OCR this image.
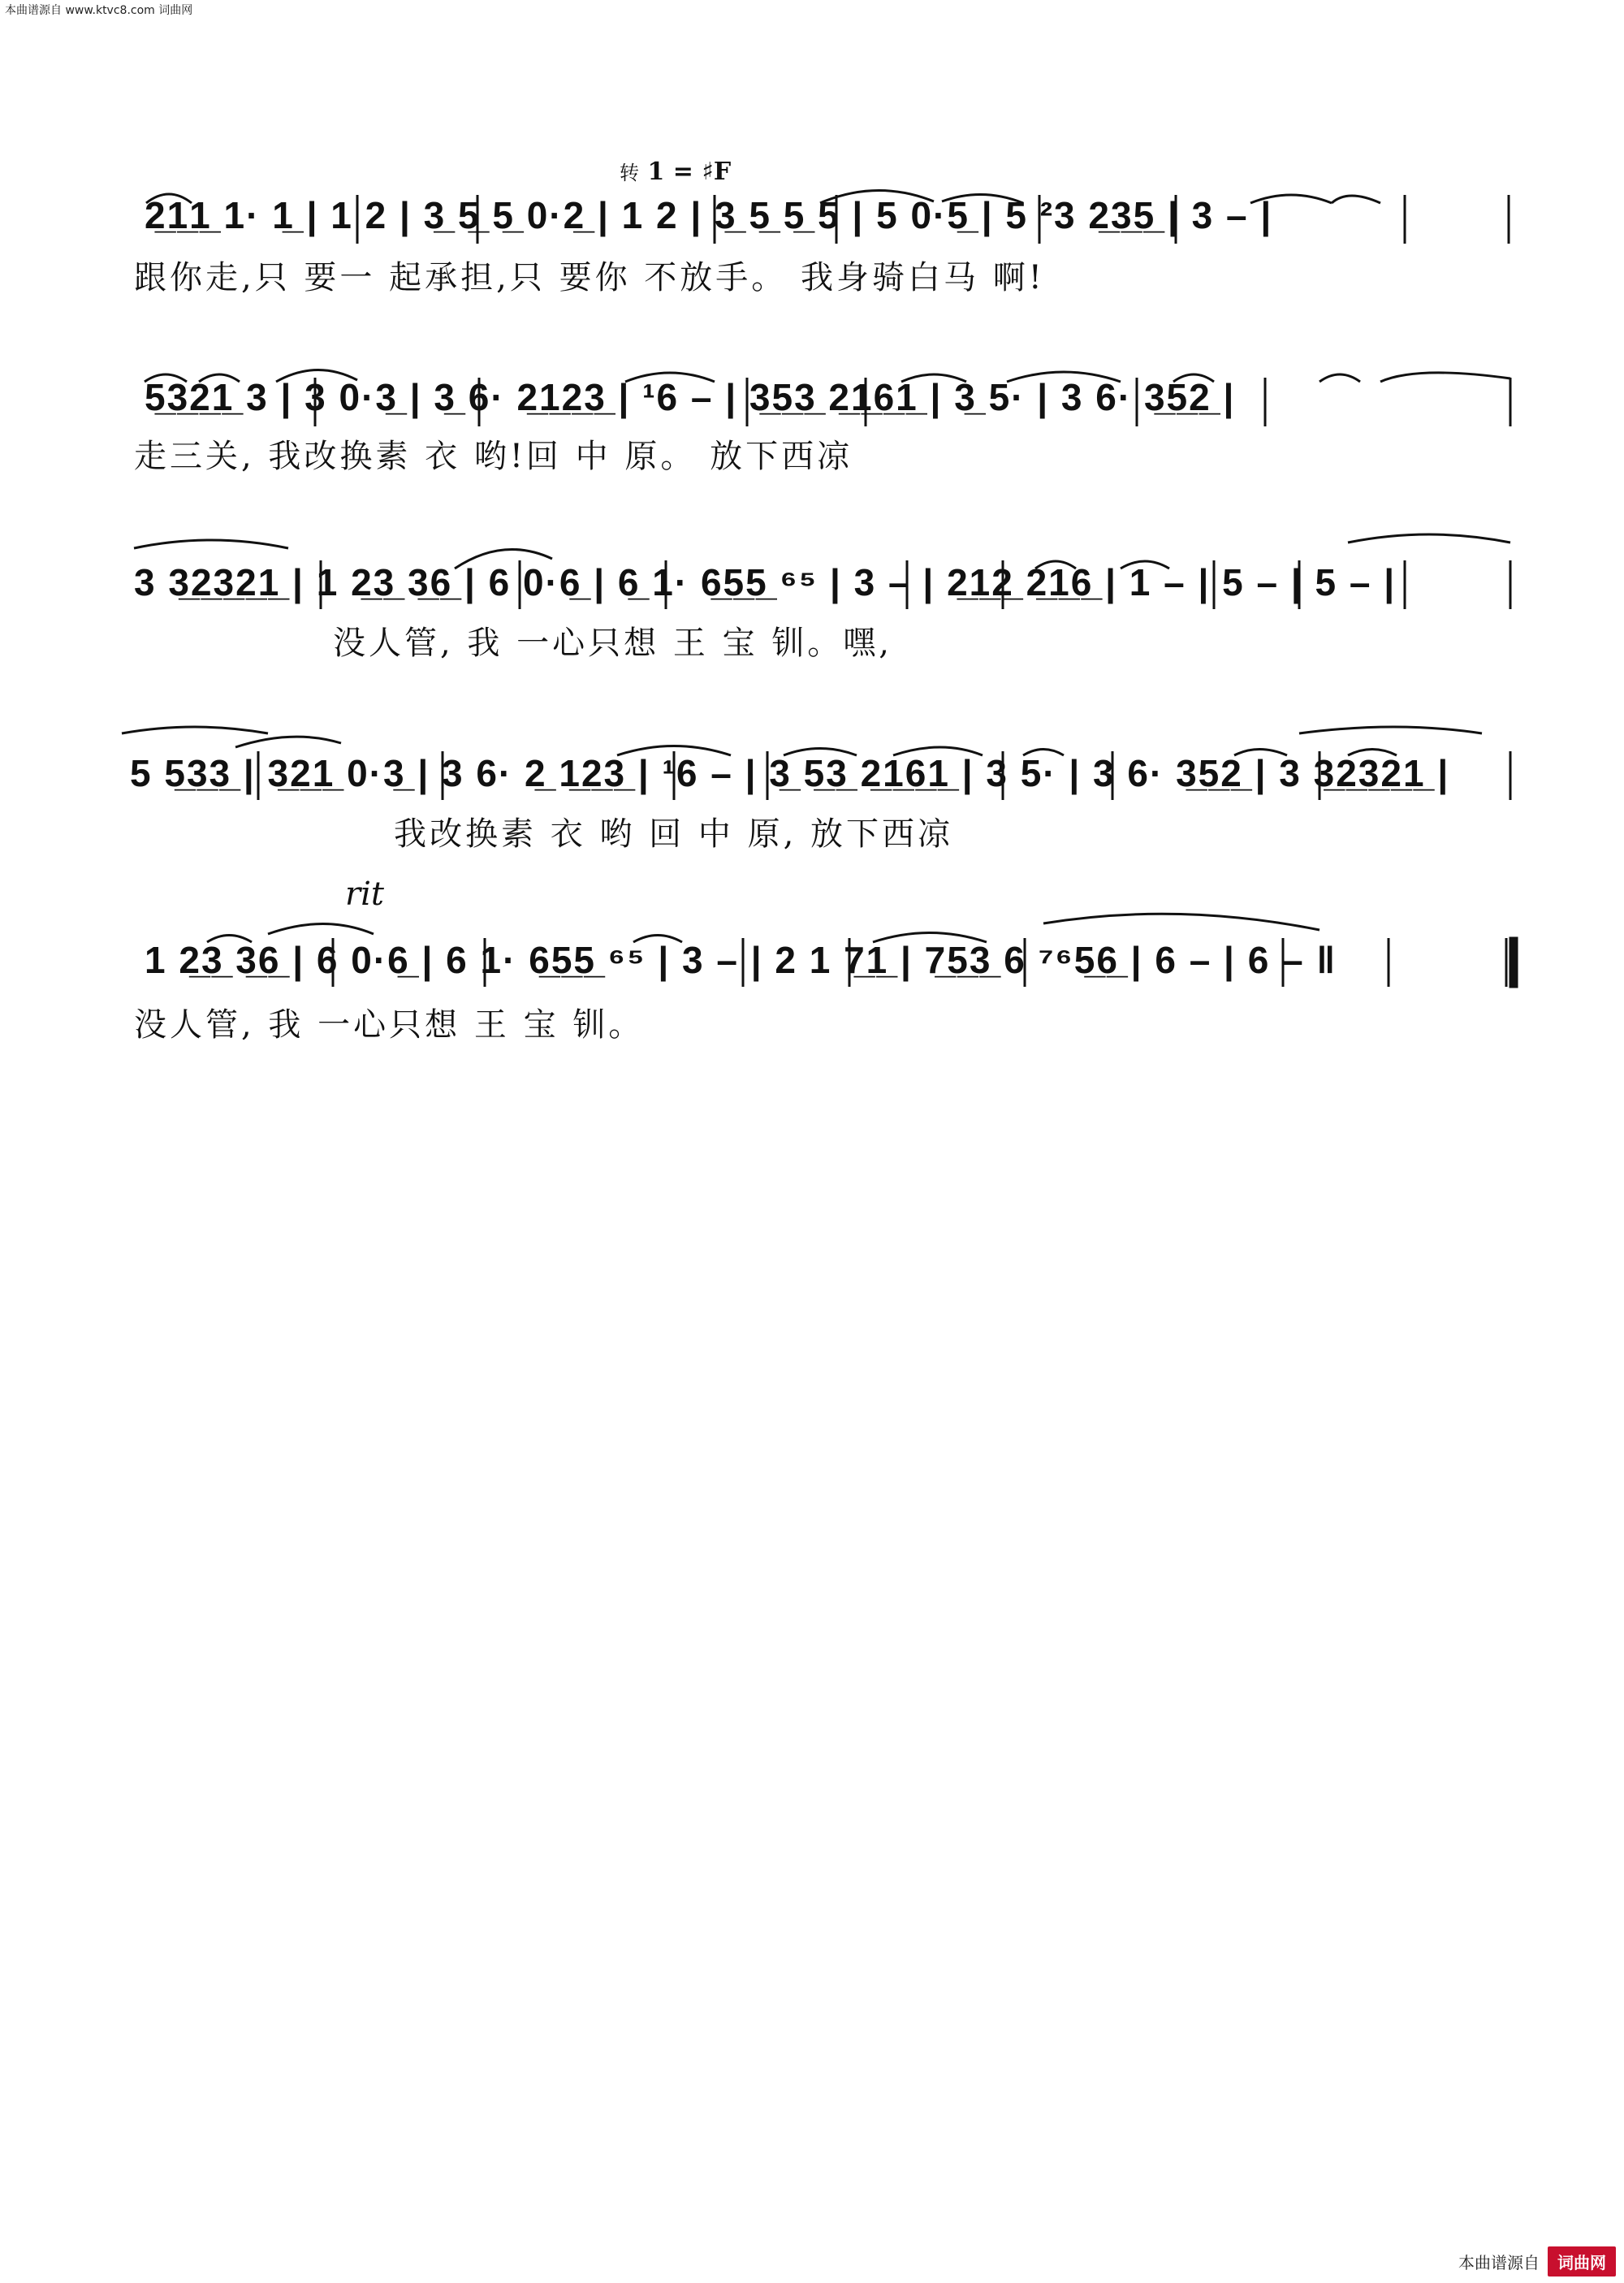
本曲谱源自 www.ktvc8.com 词曲网
转 1 = ♯F
rit
2̲1̲1̲ 1· 1̲ | 1 2 | 3̲ 5̲ 5̲ 0·2̲ | 1 2 | 3̲ 5̲ 5̲ 5 | 5 0·5̲ | 5 ²3 2̲3̲5̲ | 3 – |
跟你走,只 要一 起承担,只 要你 不放手。 我身骑白马 啊!
5̲3̲2̲1̲ 3 | 3 0·3̲ | 3̲ 6· 2̲1̲2̲3̲ | ¹6 – | 3̲5̲3̲ 2̲1̲6̲1̲ | 3̲ 5· | 3 6· 3̲5̲2̲ |
走三关, 我改换素 衣 哟!回 中 原。 放下西凉
3 3̲2̲3̲2̲1̲ | 1 2̲3̲ 3̲6̲ | 6 0·6̲ | 6̲ 1· 6̲5̲5̲ ⁶⁵ | 3 – | 2̲1̲2̲ 2̲1̲6̲ | 1 – | 5 – | 5 – |
没人管, 我 一心只想 王 宝 钏。嘿,
5 5̲3̲3̲ | 3̲2̲1̲ 0·3̲ | 3 6· 2̲ 1̲2̲3̲ | ¹6 – | 3̲ 5̲3̲ 2̲1̲6̲1̲ | 3 5· | 3 6· 3̲5̲2̲ | 3 3̲2̲3̲2̲1̲ |
我改换素 衣 哟 回 中 原, 放下西凉
1 2̲3̲ 3̲6̲ | 6 0·6̲ | 6 1· 6̲5̲5̲ ⁶⁵ | 3 – | 2 1 7̲1̲ | 7̲5̲3̲ 6 ⁷⁶5̲6̲ | 6 – | 6 – ‖
没人管, 我 一心只想 王 宝 钏。
本曲谱源自	词曲网
